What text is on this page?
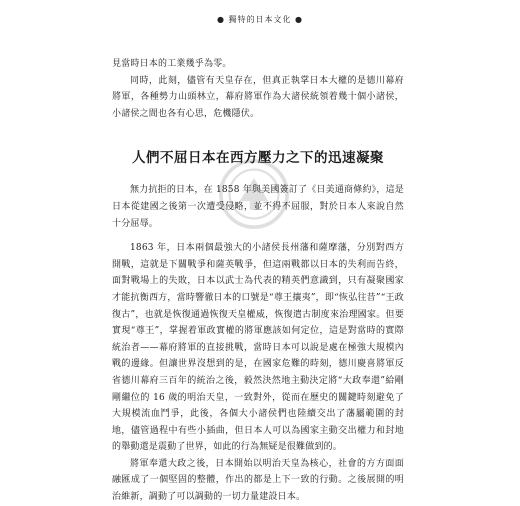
● 獨特的日本文化 ●

見當時日本的工業幾乎為零。

同時，此刻，儘管有天皇存在，但真正執掌日本大權的是德川幕府將軍，各種勢力山頭林立，幕府將軍作為大諸侯統領着幾十個小諸侯，小諸侯之間也各有心思，危機隱伏。

人們不屈日本在西方壓力之下的迅速凝聚

無力抗拒的日本，在 1858 年與美國簽訂了《日美通商條約》，這是日本從建國之後第一次遭受侵略，並不得不屈服，對於日本人來說自然十分屈辱。

1863 年，日本兩個最強大的小諸侯長州藩和薩摩藩，分別對西方開戰，這就是下關戰爭和薩英戰爭，但這兩戰都以日本的失利而告終，面對戰場上的失敗，日本以武士為代表的精英們意識到，只有凝聚國家才能抗衡西方，當時響徹日本的口號是“尊王攘夷”，即“恢弘往昔”“王政復古”，也就是恢復通過恢復天皇權威，恢復遣古制度來治理國家。但要實現“尊王”，掌握着軍政實權的將軍應該如何定位，這是對當時的實際統治者——幕府將軍的直接挑戰，當時日本可以說是處在極強大規模內戰的邊緣。但讓世界沒想到的是，在國家危難的時刻，德川慶喜將軍反省德川幕府三百年的統治之後，毅然決然地主動決定將“大政奉還”給剛剛繼位的 16 歲的明治天皇，一致對外，從而在歷史的關鍵時刻避免了大規模流血鬥爭，此後，各個大小諸侯們也陸續交出了藩屬範圍的封地，儘管過程中有些小插曲，但日本人可以為國家主動交出權力和封地的舉動還是震動了世界，如此的行為無疑是很難做到的。

將軍奉還大政之後，日本開始以明治天皇為核心，社會的方方面面融匯成了一個堅固的整體，作出的都是上下一致的行動。之後展開的明治維新，調動了可以調動的一切力量建設日本。
